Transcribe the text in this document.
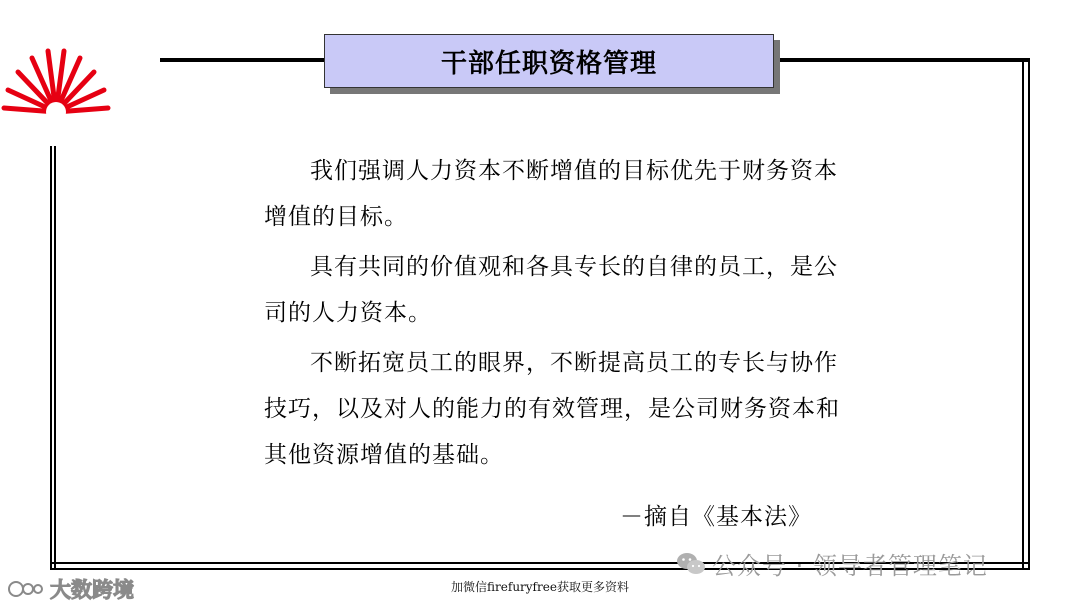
干部任职资格管理

我们强调人力资本不断增值的目标优先于财务资本增值的目标。

具有共同的价值观和各具专长的自律的员工，是公司的人力资本。

不断拓宽员工的眼界，不断提高员工的专长与协作技巧，以及对人的能力的有效管理，是公司财务资本和其他资源增值的基础。

－摘自《基本法》
大数跨境	加微信firefuryfree获取更多资料
公众号 · 领导者管理笔记
